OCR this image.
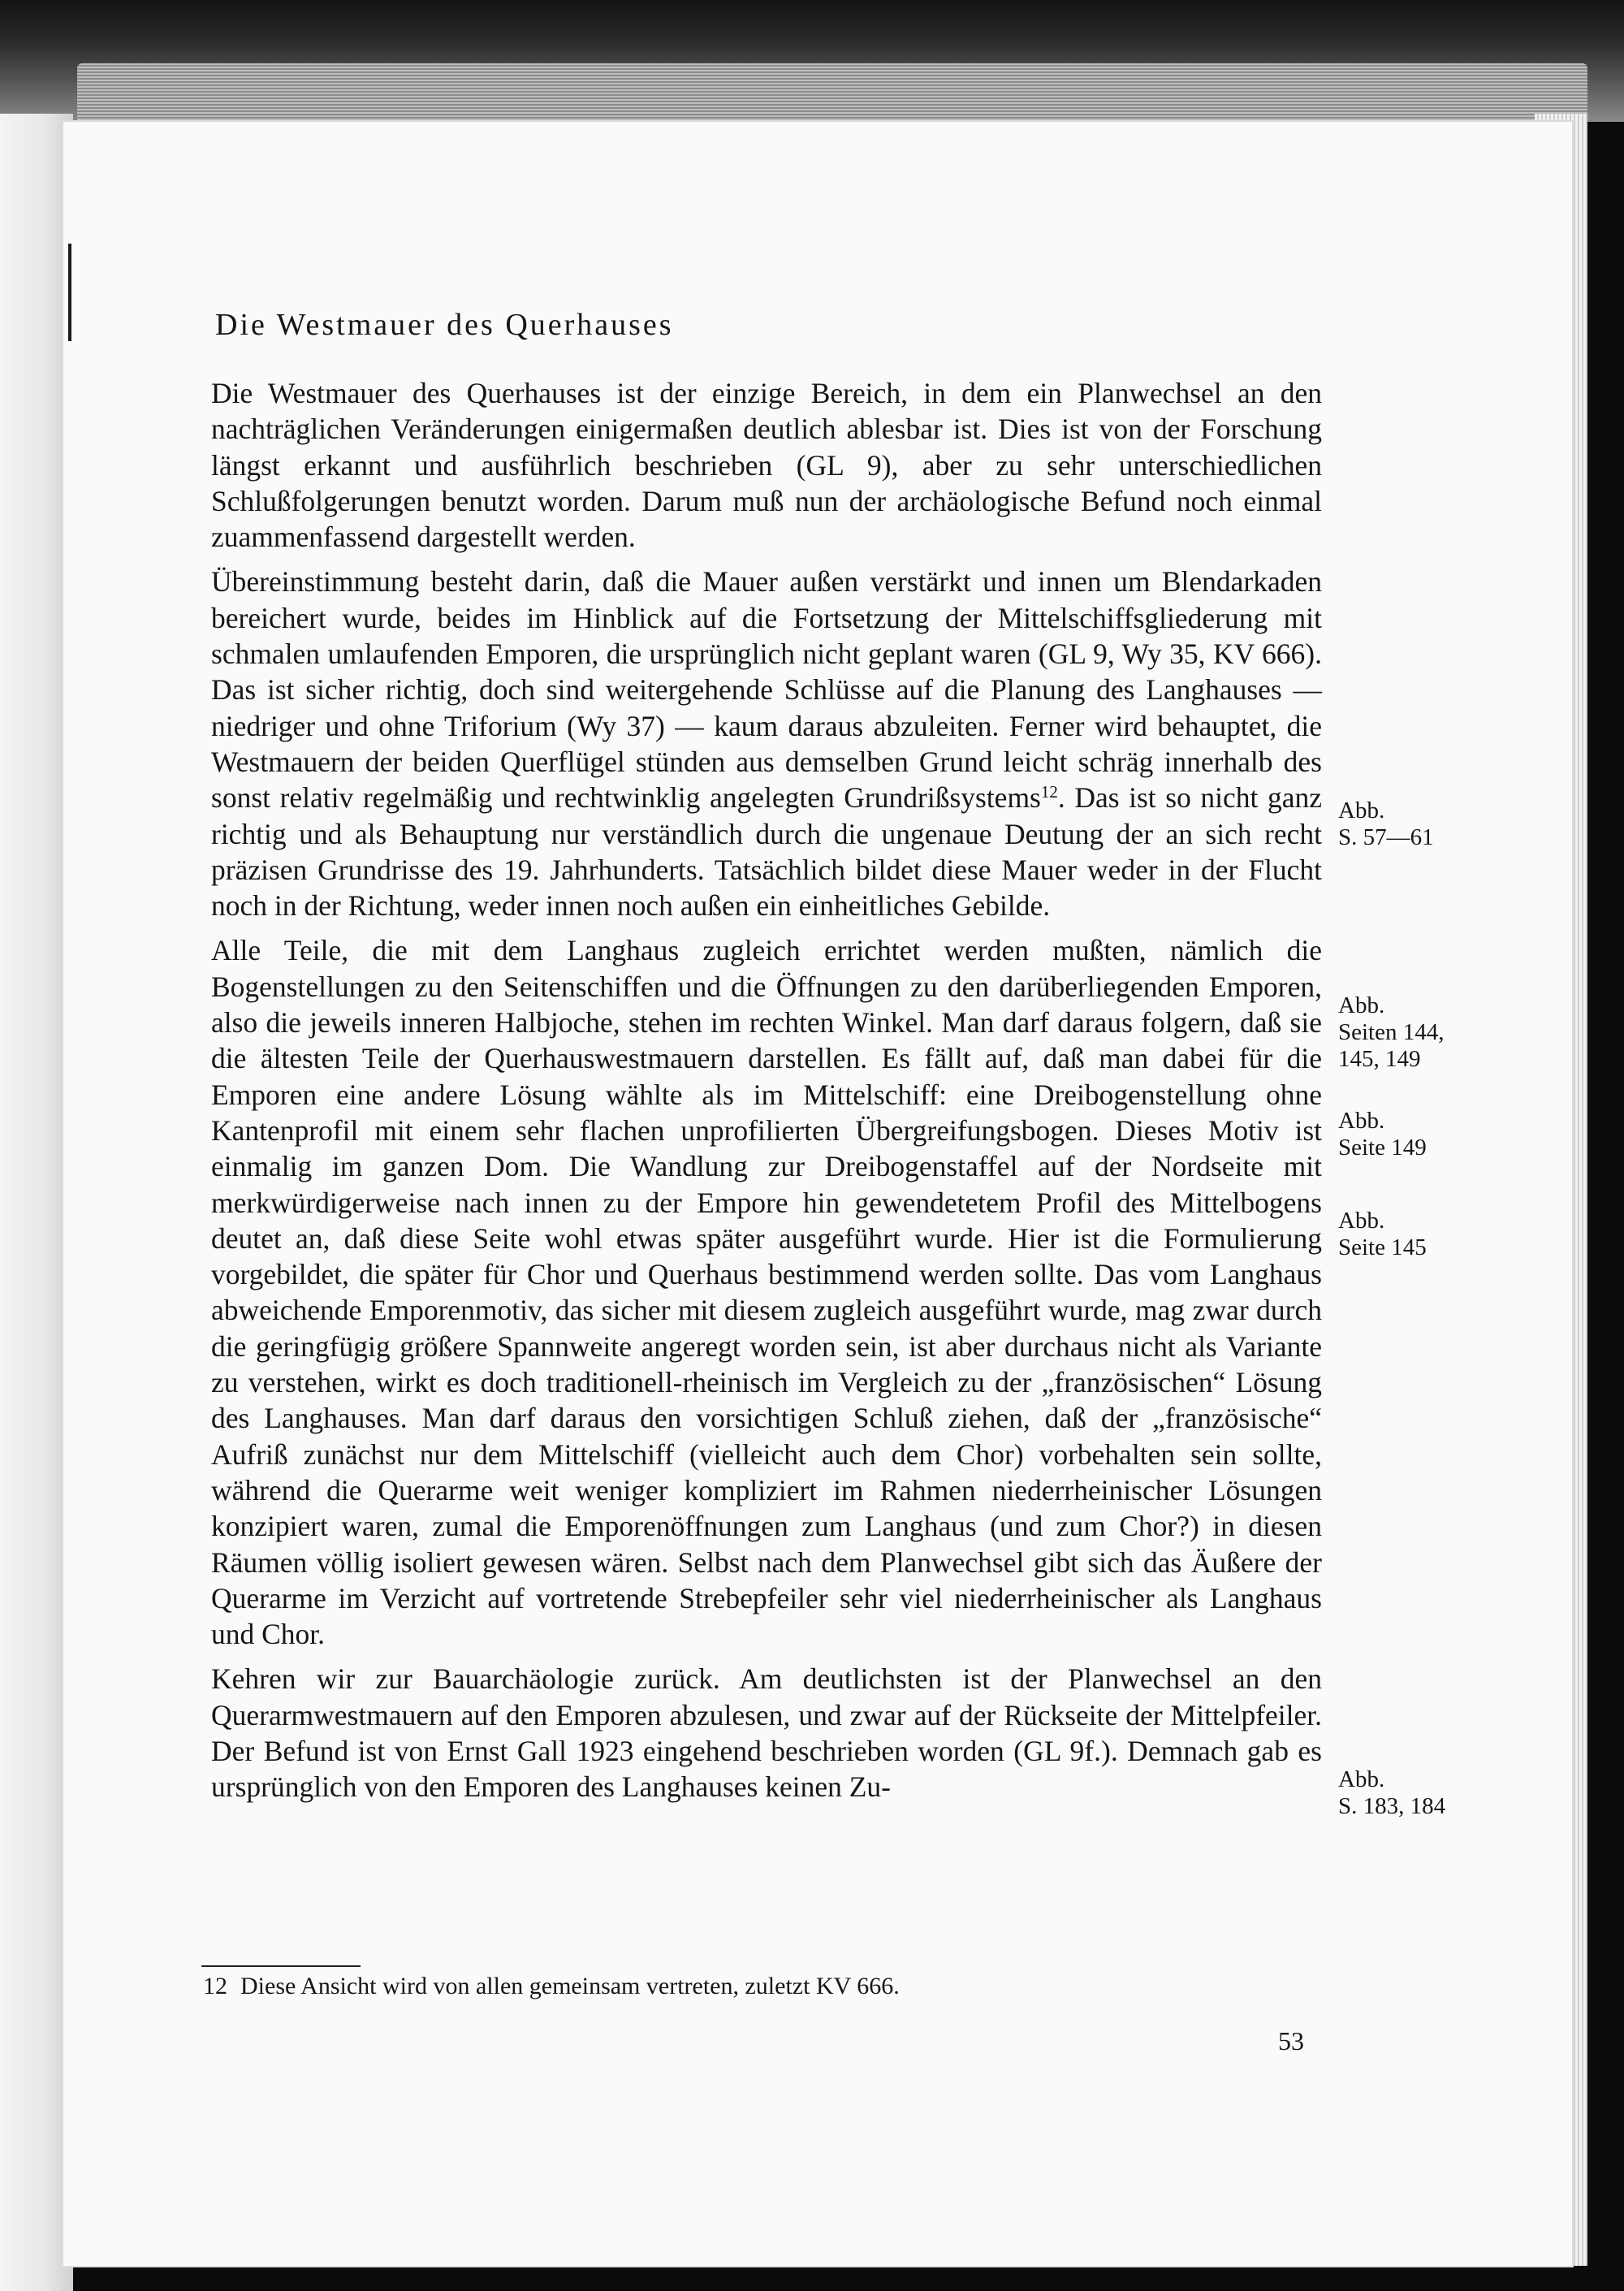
Die Westmauer des Querhauses

Die Westmauer des Querhauses ist der einzige Bereich, in dem ein Planwechsel an den nachträglichen Veränderungen einigermaßen deutlich ablesbar ist. Dies ist von der Forschung längst erkannt und ausführlich beschrieben (GL 9), aber zu sehr unterschiedlichen Schlußfolgerungen benutzt worden. Darum muß nun der archäologische Befund noch einmal zuammenfassend dargestellt werden.

Übereinstimmung besteht darin, daß die Mauer außen verstärkt und innen um Blendarkaden bereichert wurde, beides im Hinblick auf die Fortsetzung der Mittelschiffsgliederung mit schmalen umlaufenden Emporen, die ursprünglich nicht geplant waren (GL 9, Wy 35, KV 666). Das ist sicher richtig, doch sind weitergehende Schlüsse auf die Planung des Langhauses — niedriger und ohne Triforium (Wy 37) — kaum daraus abzuleiten. Ferner wird behauptet, die Westmauern der beiden Querflügel stünden aus demselben Grund leicht schräg innerhalb des sonst relativ regelmäßig und rechtwinklig angelegten Grundrißsystems$^{12}$. Das ist so nicht ganz richtig und als Behauptung nur verständlich durch die ungenaue Deutung der an sich recht präzisen Grundrisse des 19. Jahrhunderts. Tatsächlich bildet diese Mauer weder in der Flucht noch in der Richtung, weder innen noch außen ein einheitliches Gebilde.

Alle Teile, die mit dem Langhaus zugleich errichtet werden mußten, nämlich die Bogenstellungen zu den Seitenschiffen und die Öffnungen zu den darüberliegenden Emporen, also die jeweils inneren Halbjoche, stehen im rechten Winkel. Man darf daraus folgern, daß sie die ältesten Teile der Querhauswestmauern darstellen. Es fällt auf, daß man dabei für die Emporen eine andere Lösung wählte als im Mittelschiff: eine Dreibogenstellung ohne Kantenprofil mit einem sehr flachen unprofilierten Übergreifungsbogen. Dieses Motiv ist einmalig im ganzen Dom. Die Wandlung zur Dreibogenstaffel auf der Nordseite mit merkwürdigerweise nach innen zu der Empore hin gewendetetem Profil des Mittelbogens deutet an, daß diese Seite wohl etwas später ausgeführt wurde. Hier ist die Formulierung vorgebildet, die später für Chor und Querhaus bestimmend werden sollte. Das vom Langhaus abweichende Emporenmotiv, das sicher mit diesem zugleich ausgeführt wurde, mag zwar durch die geringfügig größere Spannweite angeregt worden sein, ist aber durchaus nicht als Variante zu verstehen, wirkt es doch traditionell-rheinisch im Vergleich zu der „französischen“ Lösung des Langhauses. Man darf daraus den vorsichtigen Schluß ziehen, daß der „französische“ Aufriß zunächst nur dem Mittelschiff (vielleicht auch dem Chor) vorbehalten sein sollte, während die Querarme weit weniger kompliziert im Rahmen niederrheinischer Lösungen konzipiert waren, zumal die Emporenöffnungen zum Langhaus (und zum Chor?) in diesen Räumen völlig isoliert gewesen wären. Selbst nach dem Planwechsel gibt sich das Äußere der Querarme im Verzicht auf vortretende Strebepfeiler sehr viel niederrheinischer als Langhaus und Chor.

Kehren wir zur Bauarchäologie zurück. Am deutlichsten ist der Planwechsel an den Querarmwestmauern auf den Emporen abzulesen, und zwar auf der Rückseite der Mittelpfeiler. Der Befund ist von Ernst Gall 1923 eingehend beschrieben worden (GL 9f.). Demnach gab es ursprünglich von den Emporen des Langhauses keinen Zu-

Abb.
S. 57—61
Abb.
Seiten 144,
145, 149
Abb.
Seite 149
Abb.
Seite 145
Abb.
S. 183, 184
12 Diese Ansicht wird von allen gemeinsam vertreten, zuletzt KV 666.
53
